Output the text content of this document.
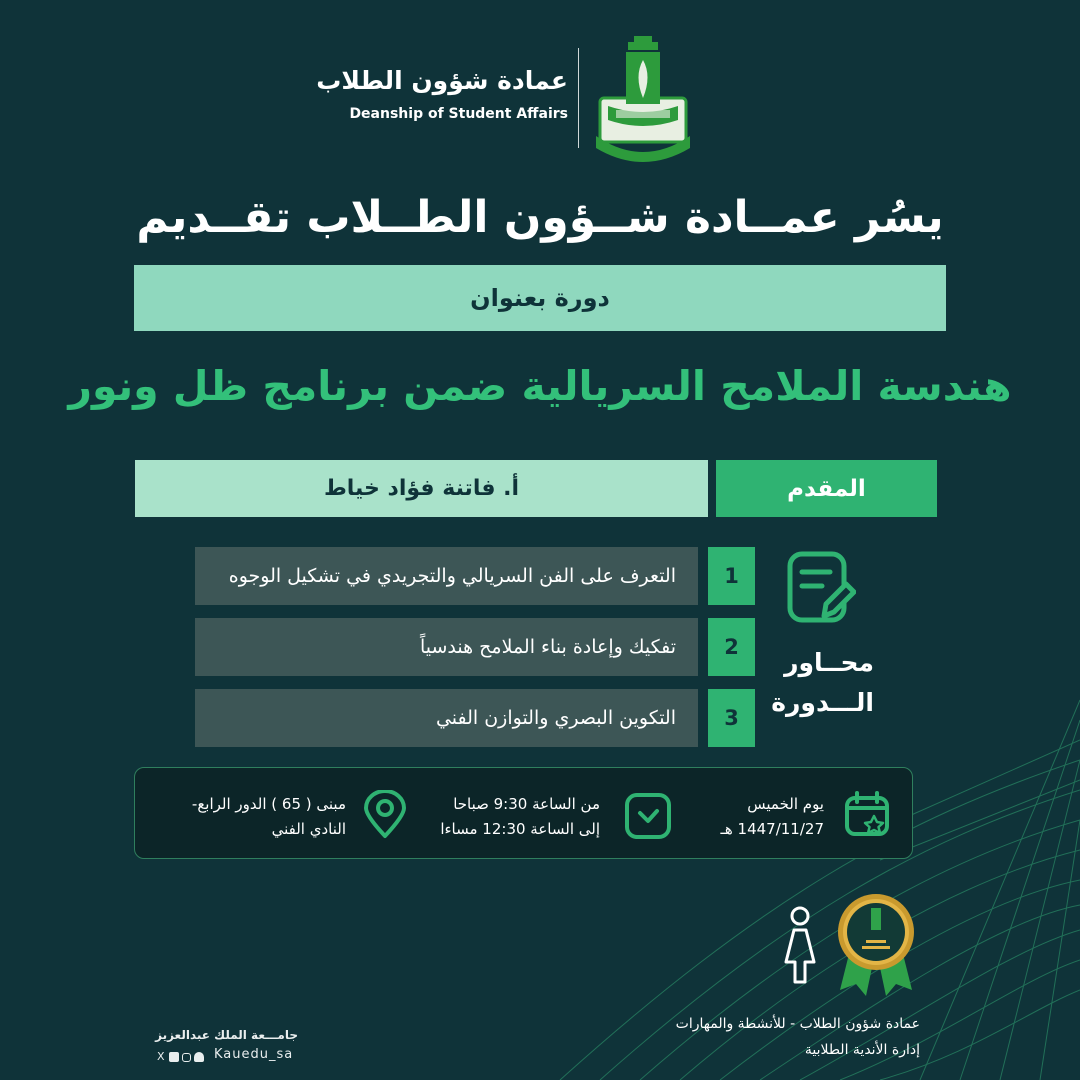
عمادة شؤون الطلاب
Deanship of Student Affairs
يسُر عمــادة شــؤون الطــلاب تقــديم
دورة بعنوان
هندسة الملامح السريالية ضمن برنامج ظل ونور
أ. فاتنة فؤاد خياط	المقدم
التعرف على الفن السريالي والتجريدي في تشكيل الوجوه 1
تفكيك وإعادة بناء الملامح هندسياً 2
التكوين البصري والتوازن الفني 3
محــاور
الـــدورة
يوم الخميس
1447/11/27 هـ
من الساعة 9:30 صباحا
إلى الساعة 12:30 مساءا
مبنى ( 65 ) الدور الرابع-
النادي الفني
عمادة شؤون الطلاب - للأنشطة والمهارات
إدارة الأندية الطلابية
جامـــعة الملك عبدالعزيز
X	Kauedu_sa
